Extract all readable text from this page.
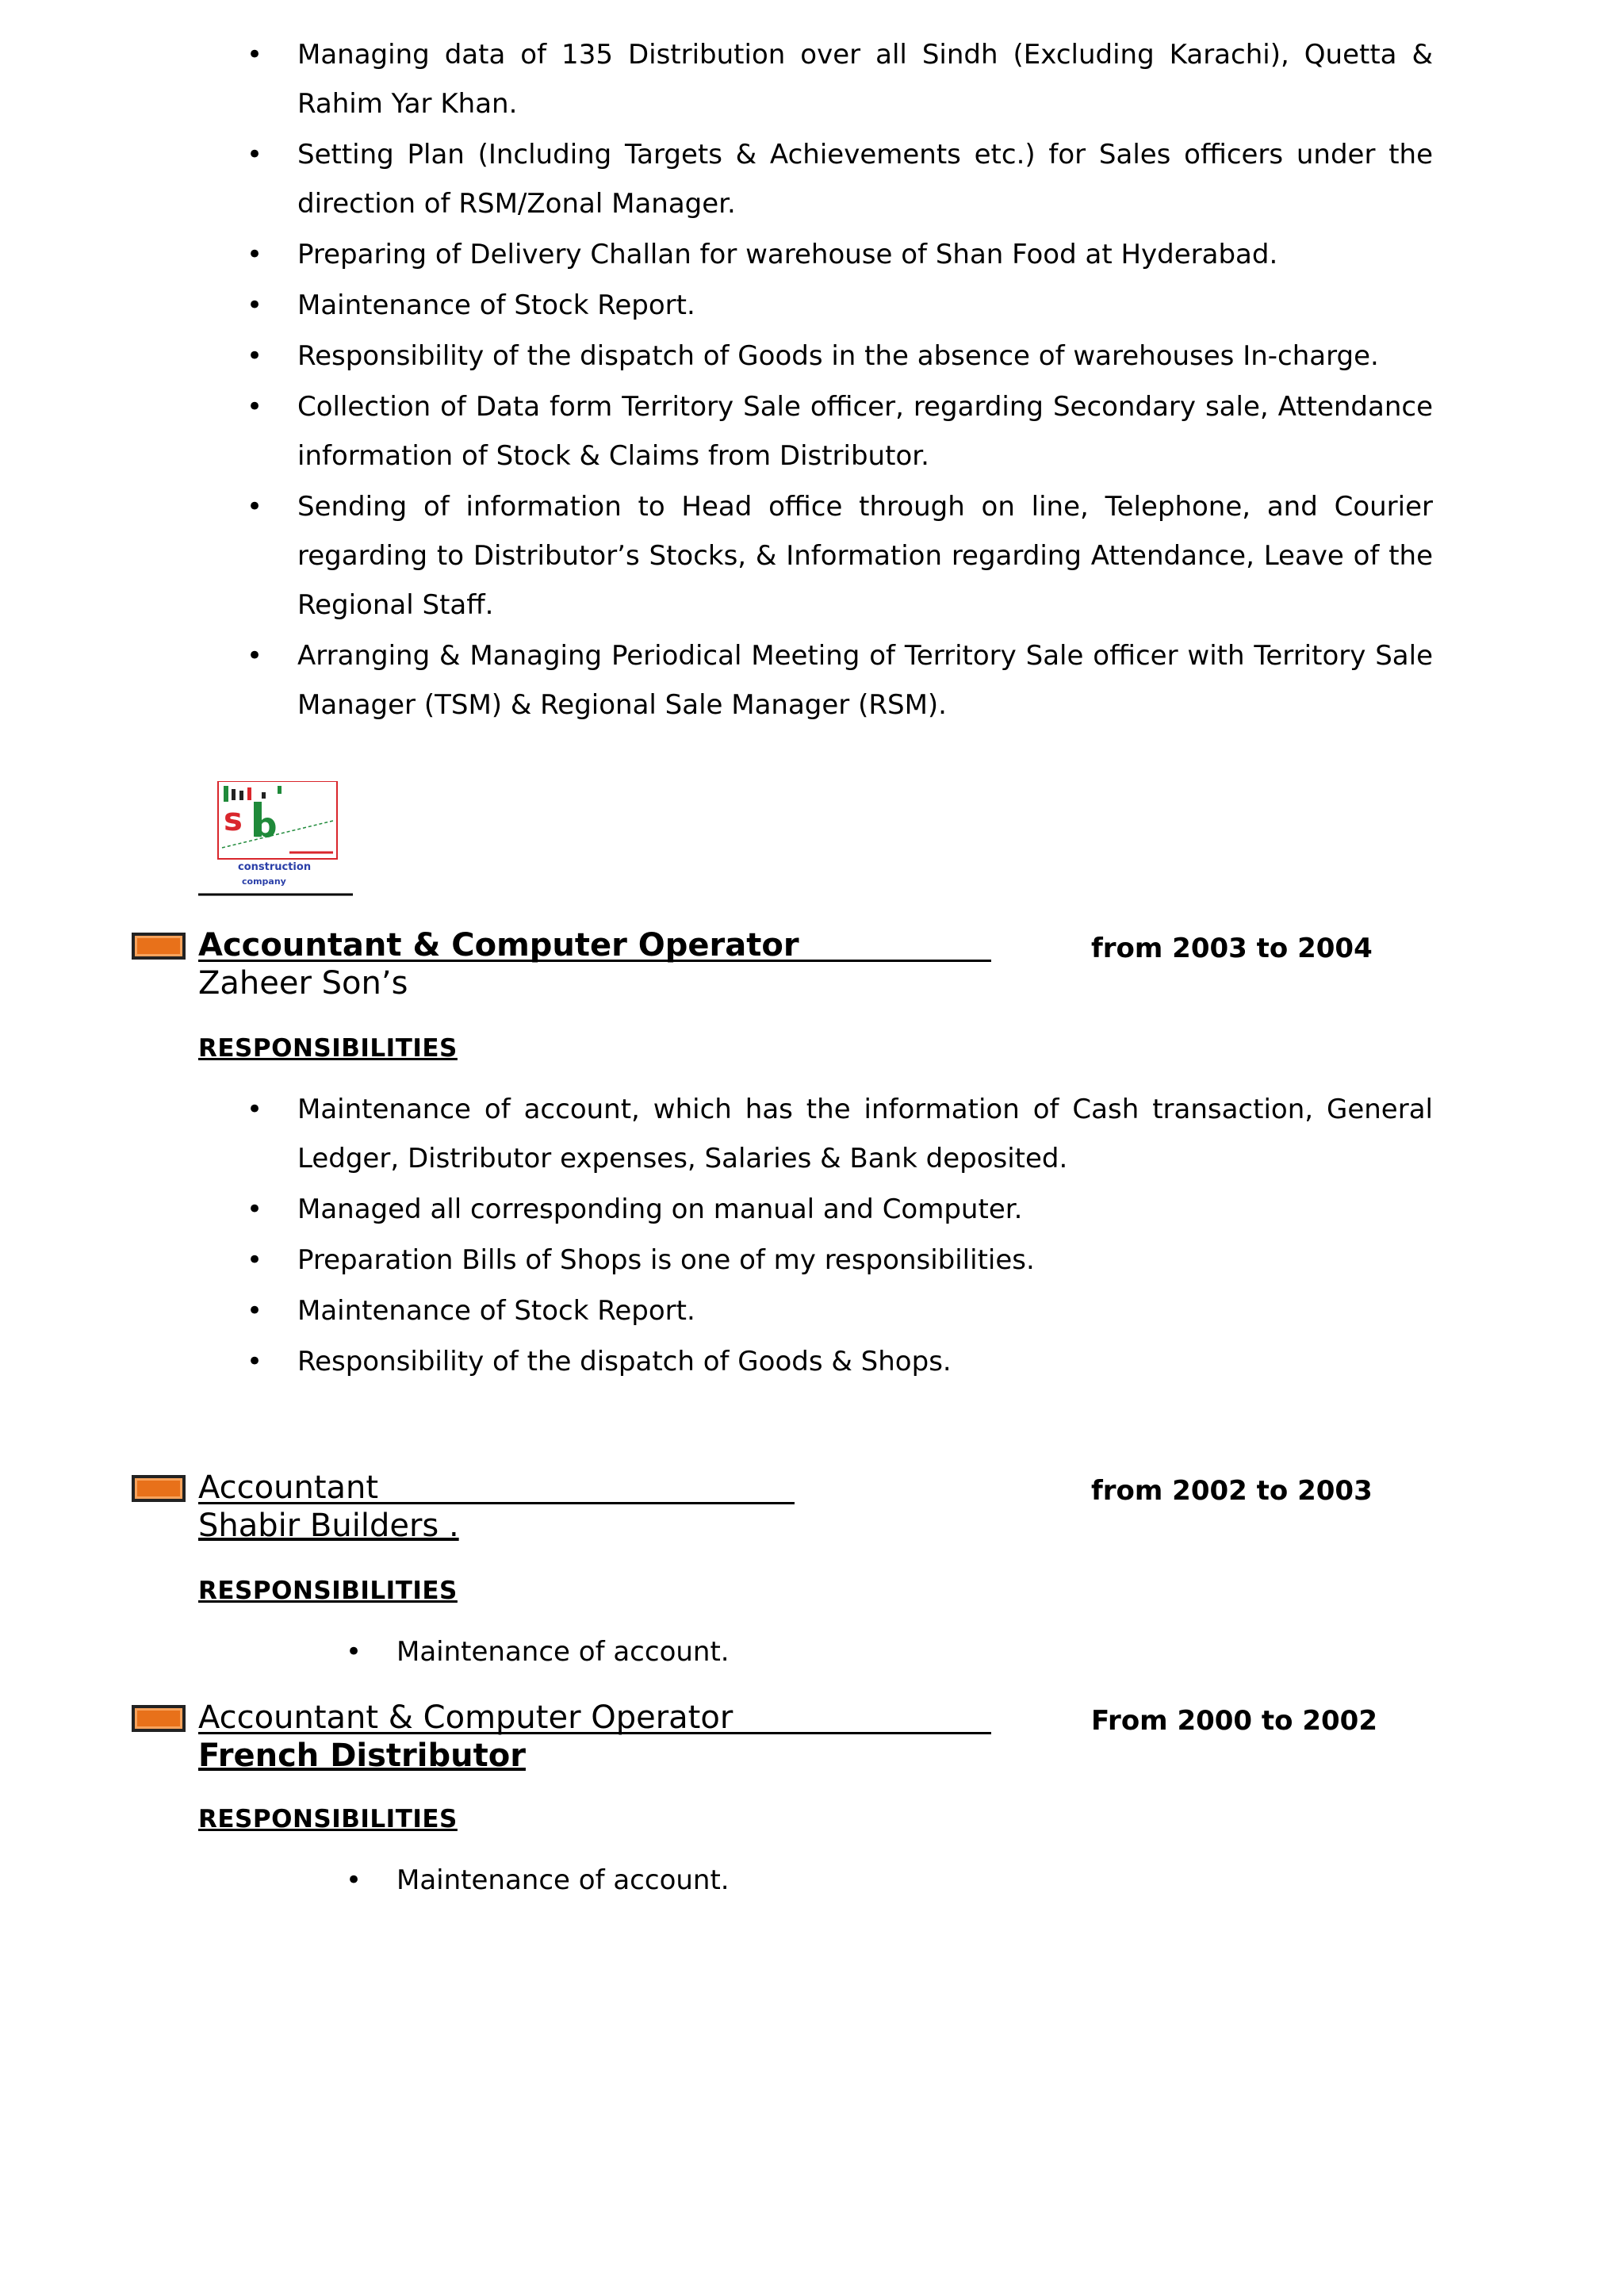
• Managing data of 135 Distribution over all Sindh (Excluding Karachi), Quetta & Rahim Yar Khan.
• Setting Plan (Including Targets & Achievements etc.) for Sales officers under the direction of RSM/Zonal Manager.
• Preparing of Delivery Challan for warehouse of Shan Food at Hyderabad.
• Maintenance of Stock Report.
• Responsibility of the dispatch of Goods in the absence of warehouses In-charge.
• Collection of Data form Territory Sale officer, regarding Secondary sale, Attendance information of Stock & Claims from Distributor.
• Sending of information to Head office through on line, Telephone, and Courier regarding to Distributor’s Stocks, & Information regarding Attendance, Leave of the Regional Staff.
• Arranging & Managing Periodical Meeting of Territory Sale officer with Territory Sale Manager (TSM) & Regional Sale Manager (RSM).
s b
construction
company
Accountant & Computer Operator	from 2003 to 2004
Zaheer Son’s
RESPONSIBILITIES
• Maintenance of account, which has the information of Cash transaction, General Ledger, Distributor expenses, Salaries & Bank deposited.
• Managed all corresponding on manual and Computer.
• Preparation Bills of Shops is one of my responsibilities.
• Maintenance of Stock Report.
• Responsibility of the dispatch of Goods & Shops.
Accountant	from 2002 to 2003
Shabir Builders .
RESPONSIBILITIES
• Maintenance of account.
Accountant & Computer Operator	From 2000 to 2002
French Distributor
RESPONSIBILITIES
• Maintenance of account.
